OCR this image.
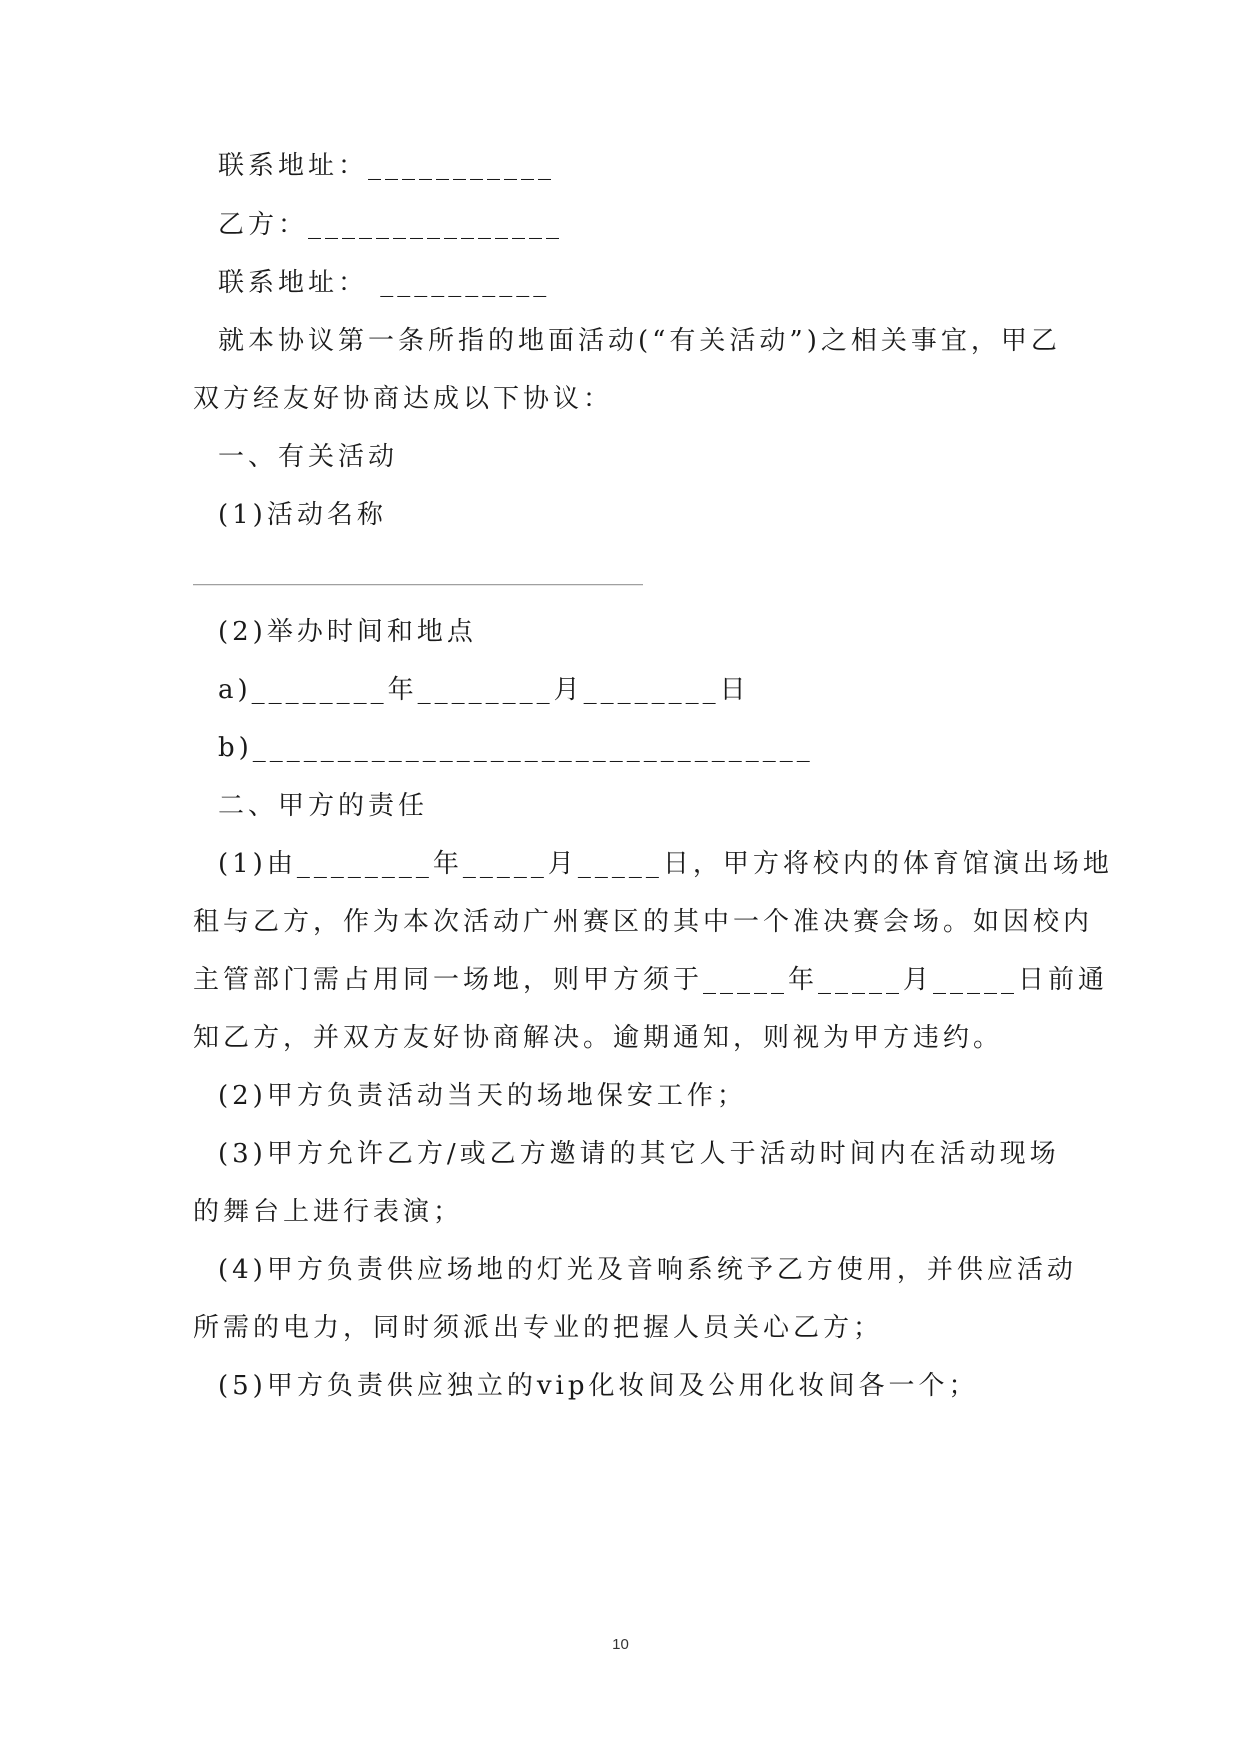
联系地址：___________
乙方：_______________
联系地址： __________
就本协议第一条所指的地面活动(“有关活动”)之相关事宜，甲乙
双方经友好协商达成以下协议：
一、有关活动
(1)活动名称
__________________________________________________
(2)举办时间和地点
a)________年________月________日
b)_________________________________
二、甲方的责任
(1)由________年_____月_____日，甲方将校内的体育馆演出场地
租与乙方，作为本次活动广州赛区的其中一个准决赛会场。如因校内
主管部门需占用同一场地，则甲方须于_____年_____月_____日前通
知乙方，并双方友好协商解决。逾期通知，则视为甲方违约。
(2)甲方负责活动当天的场地保安工作；
(3)甲方允许乙方/或乙方邀请的其它人于活动时间内在活动现场
的舞台上进行表演；
(4)甲方负责供应场地的灯光及音响系统予乙方使用，并供应活动
所需的电力，同时须派出专业的把握人员关心乙方；
(5)甲方负责供应独立的vip化妆间及公用化妆间各一个；
10
